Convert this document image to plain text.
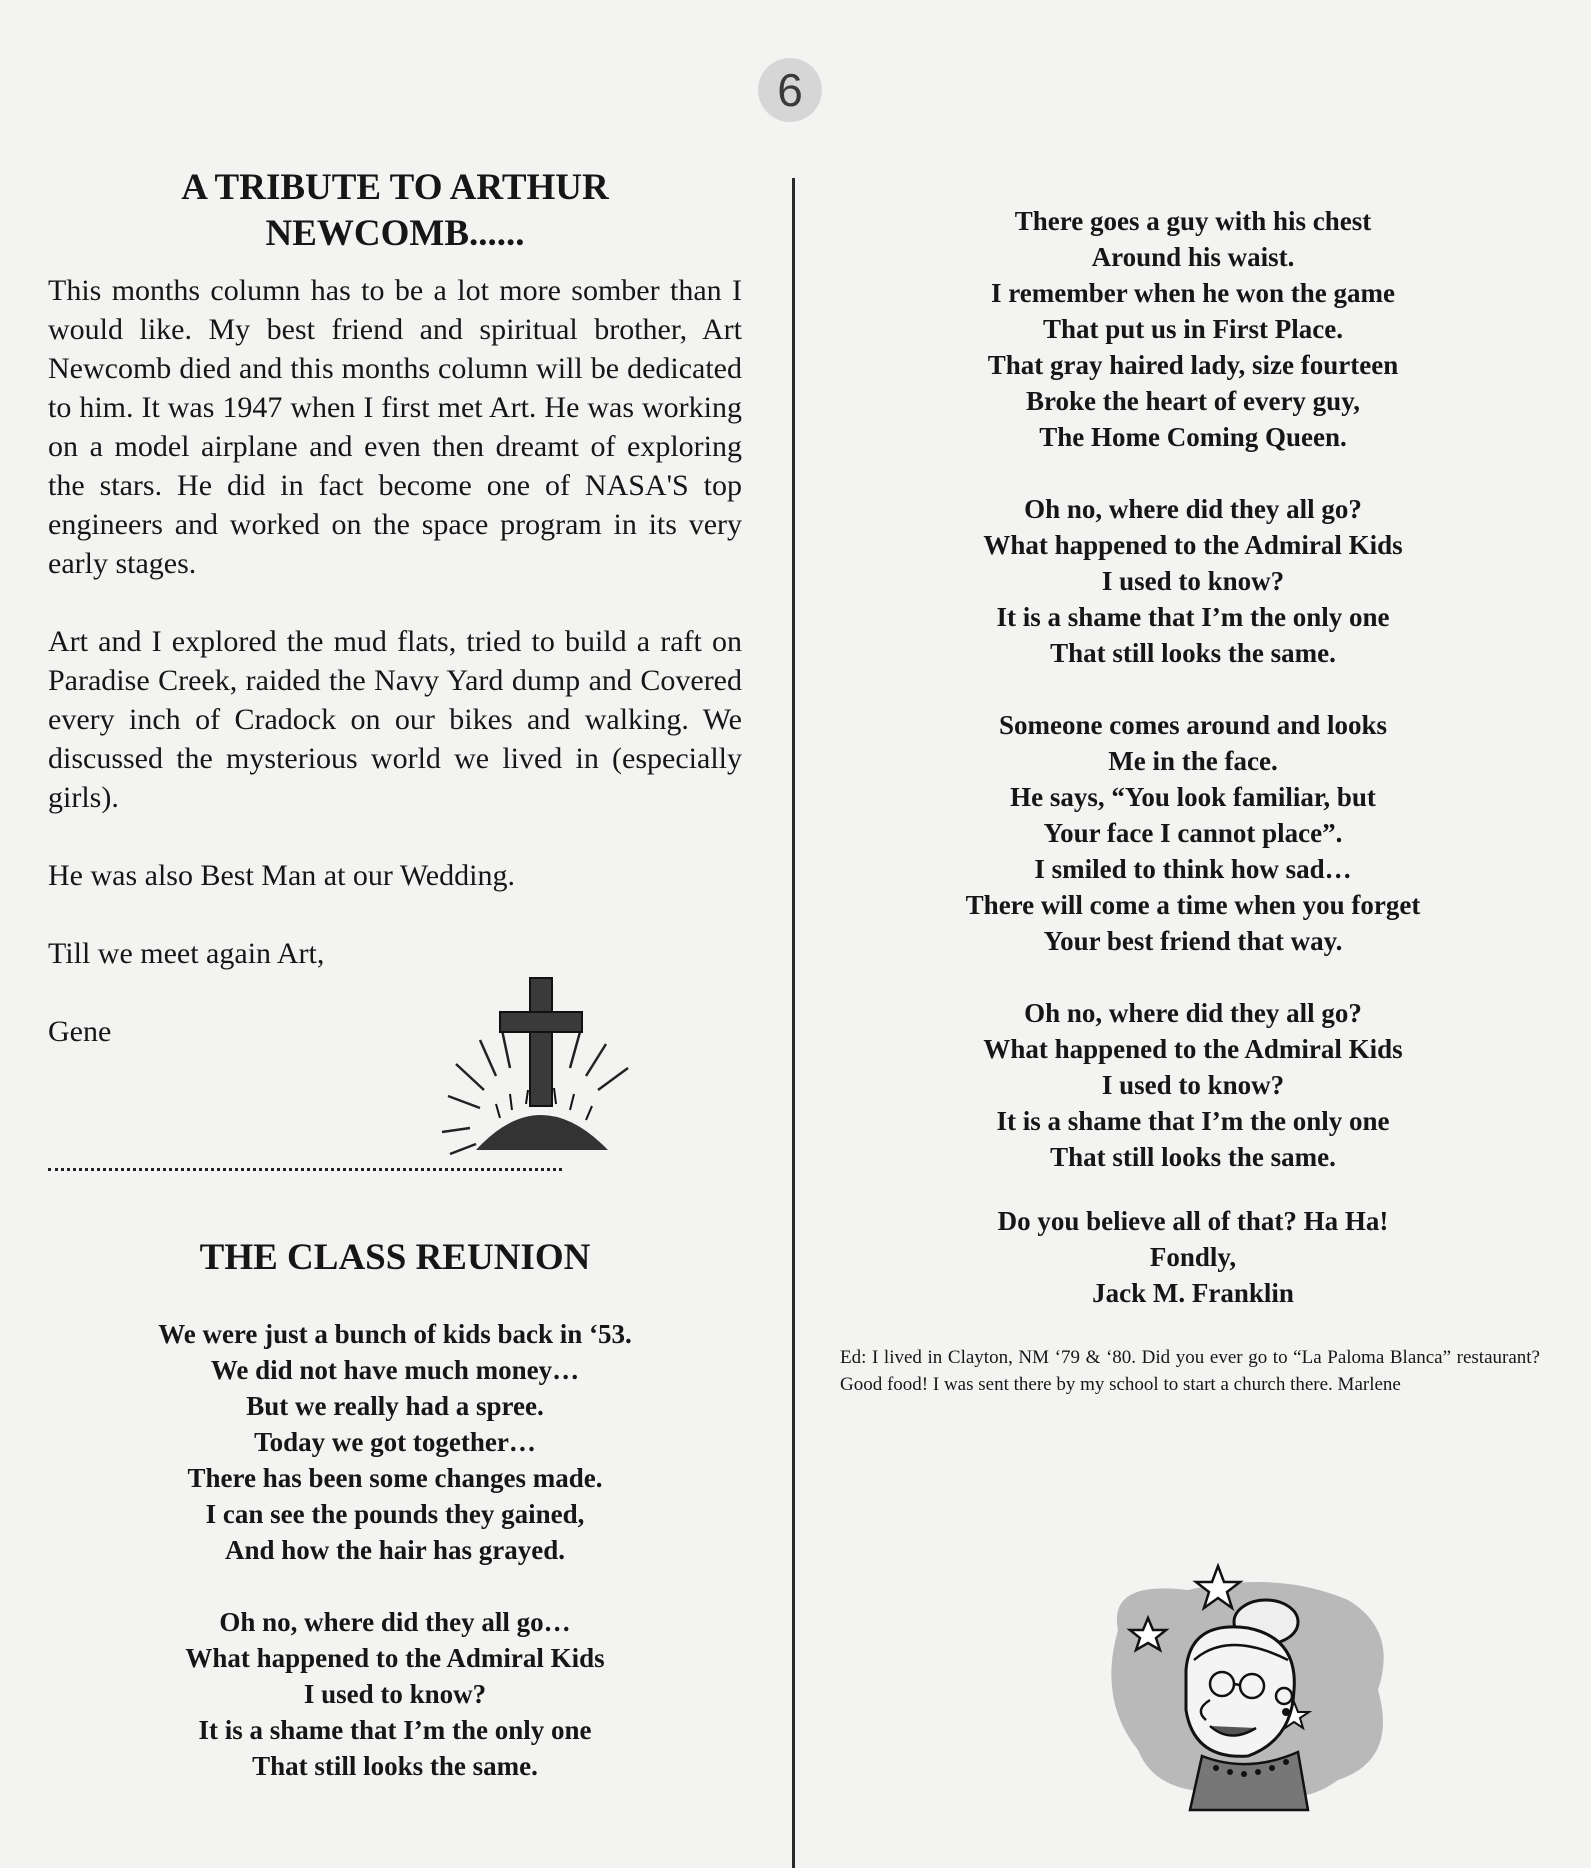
6
A TRIBUTE TO ARTHUR
NEWCOMB......

This months column has to be a lot more somber than I would like. My best friend and spiritual brother, Art Newcomb died and this months column will be dedicated to him. It was 1947 when I first met Art. He was working on a model airplane and even then dreamt of exploring the stars. He did in fact become one of NASA'S top engineers and worked on the space program in its very early stages.

Art and I explored the mud flats, tried to build a raft on Paradise Creek, raided the Navy Yard dump and Covered every inch of Cradock on our bikes and walking. We discussed the mysterious world we lived in (especially girls).

He was also Best Man at our Wedding.

Till we meet again Art,

Gene

THE CLASS REUNION
We were just a bunch of kids back in ‘53.
We did not have much money…
But we really had a spree.
Today we got together…
There has been some changes made.
I can see the pounds they gained,
And how the hair has grayed.
Oh no, where did they all go…
What happened to the Admiral Kids
I used to know?
It is a shame that I’m the only one
That still looks the same.
There goes a guy with his chest
Around his waist.
I remember when he won the game
That put us in First Place.
That gray haired lady, size fourteen
Broke the heart of every guy,
The Home Coming Queen.
Oh no, where did they all go?
What happened to the Admiral Kids
I used to know?
It is a shame that I’m the only one
That still looks the same.
Someone comes around and looks
Me in the face.
He says, “You look familiar, but
Your face I cannot place”.
I smiled to think how sad…
There will come a time when you forget
Your best friend that way.
Oh no, where did they all go?
What happened to the Admiral Kids
I used to know?
It is a shame that I’m the only one
That still looks the same.
Do you believe all of that? Ha Ha!
Fondly,
Jack M. Franklin
Ed: I lived in Clayton, NM ‘79 & ‘80. Did you ever go to “La Paloma Blanca” restaurant? Good food! I was sent there by my school to start a church there. Marlene
